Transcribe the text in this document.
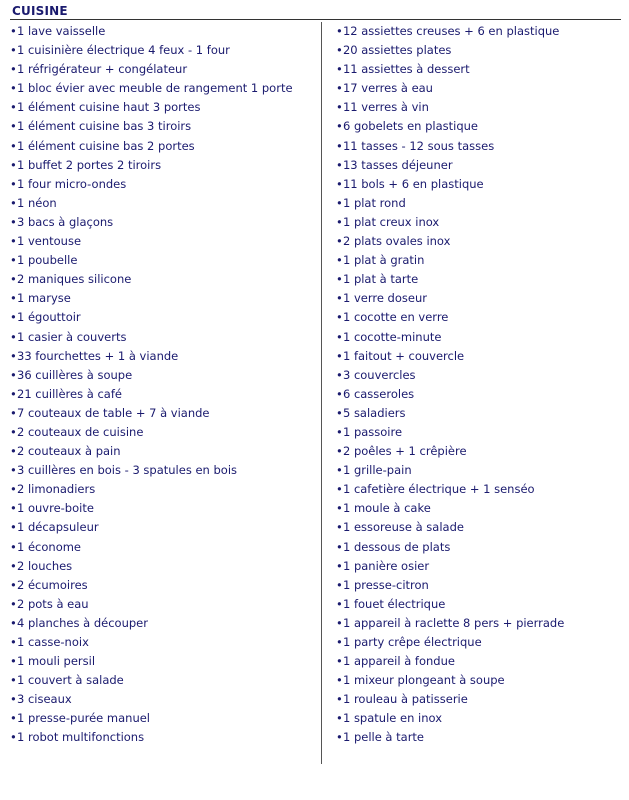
CUISINE
•1 lave vaisselle
•1 cuisinière électrique 4 feux - 1 four
•1 réfrigérateur + congélateur
•1 bloc évier avec meuble de rangement 1 porte
•1 élément cuisine haut 3 portes
•1 élément cuisine bas 3 tiroirs
•1 élément cuisine bas 2 portes
•1 buffet 2 portes 2 tiroirs
•1 four micro-ondes
•1 néon
•3 bacs à glaçons
•1 ventouse
•1 poubelle
•2 maniques silicone
•1 maryse
•1 égouttoir
•1 casier à couverts
•33 fourchettes + 1 à viande
•36 cuillères à soupe
•21 cuillères à café
•7 couteaux de table + 7 à viande
•2 couteaux de cuisine
•2 couteaux à pain
•3 cuillères en bois - 3 spatules en bois
•2 limonadiers
•1 ouvre-boite
•1 décapsuleur
•1 économe
•2 louches
•2 écumoires
•2 pots à eau
•4 planches à découper
•1 casse-noix
•1 mouli persil
•1 couvert à salade
•3 ciseaux
•1 presse-purée manuel
•1 robot multifonctions
•12 assiettes creuses + 6 en plastique
•20 assiettes plates
•11 assiettes à dessert
•17 verres à eau
•11 verres à vin
•6 gobelets en plastique
•11 tasses - 12 sous tasses
•13 tasses déjeuner
•11 bols + 6 en plastique
•1 plat rond
•1 plat creux inox
•2 plats ovales inox
•1 plat à gratin
•1 plat à tarte
•1 verre doseur
•1 cocotte en verre
•1 cocotte-minute
•1 faitout + couvercle
•3 couvercles
•6 casseroles
•5 saladiers
•1 passoire
•2 poêles + 1 crêpière
•1 grille-pain
•1 cafetière électrique + 1 senséo
•1 moule à cake
•1 essoreuse à salade
•1 dessous de plats
•1 panière osier
•1 presse-citron
•1 fouet électrique
•1 appareil à raclette 8 pers + pierrade
•1 party crêpe électrique
•1 appareil à fondue
•1 mixeur plongeant à soupe
•1 rouleau à patisserie
•1 spatule en inox
•1 pelle à tarte
